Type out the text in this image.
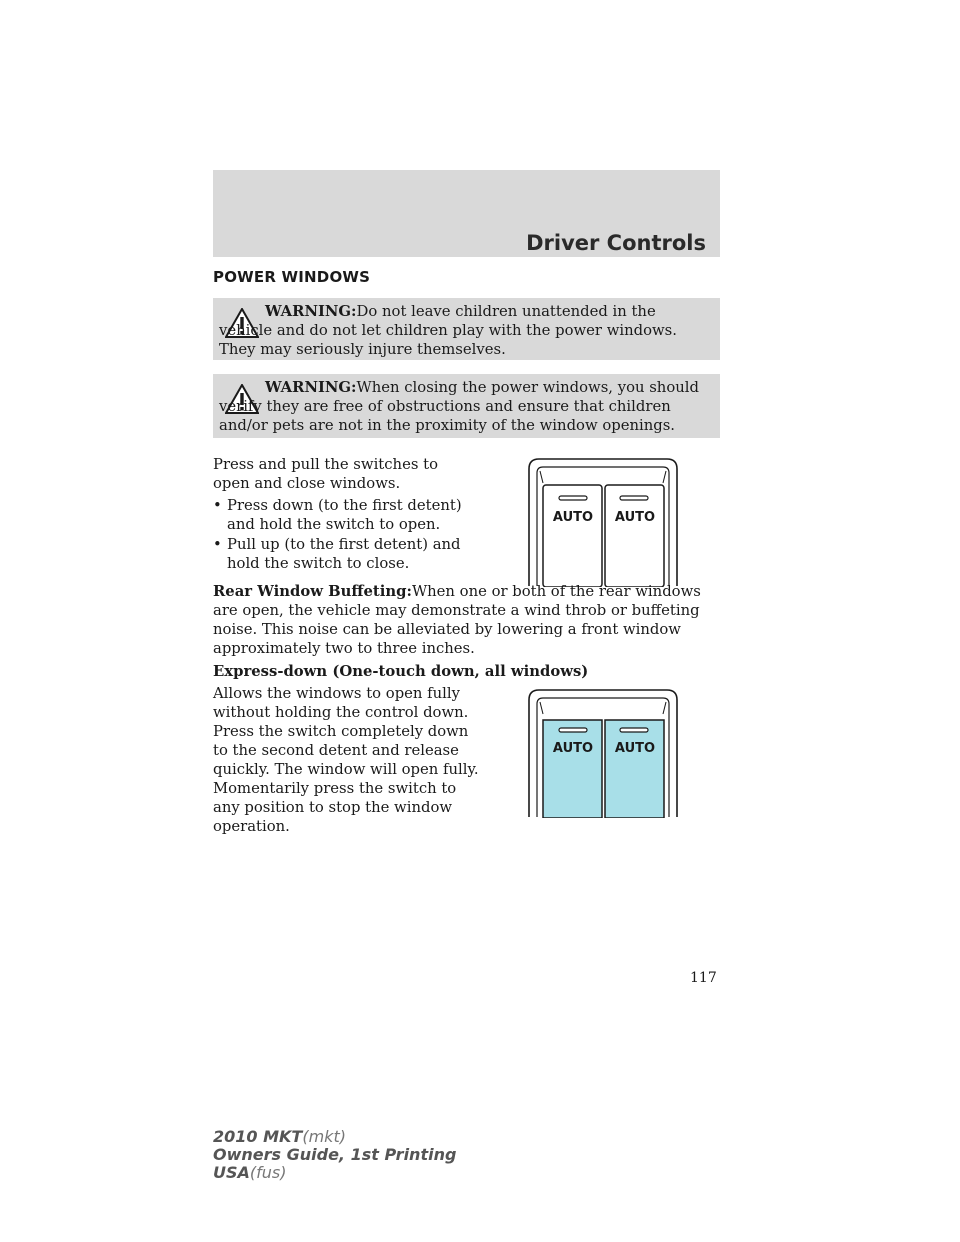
Driver Controls
POWER WINDOWS
WARNING:Do not leave children unattended in the vehicle and do not let children play with the power windows. They may seriously injure themselves.
WARNING:When closing the power windows, you should verify they are free of obstructions and ensure that children and/or pets are not in the proximity of the window openings.
Press and pull the switches to open and close windows.
• Press down (to the first detent) and hold the switch to open.
• Pull up (to the first detent) and hold the switch to close.
AUTO AUTO
Rear Window Buffeting:When one or both of the rear windows are open, the vehicle may demonstrate a wind throb or buffeting noise. This noise can be alleviated by lowering a front window approximately two to three inches.
Express-down (One-touch down, all windows)
Allows the windows to open fully without holding the control down. Press the switch completely down to the second detent and release quickly. The window will open fully. Momentarily press the switch to any position to stop the window operation.
AUTO AUTO
117
2010 MKT(mkt)
Owners Guide, 1st Printing
USA(fus)
